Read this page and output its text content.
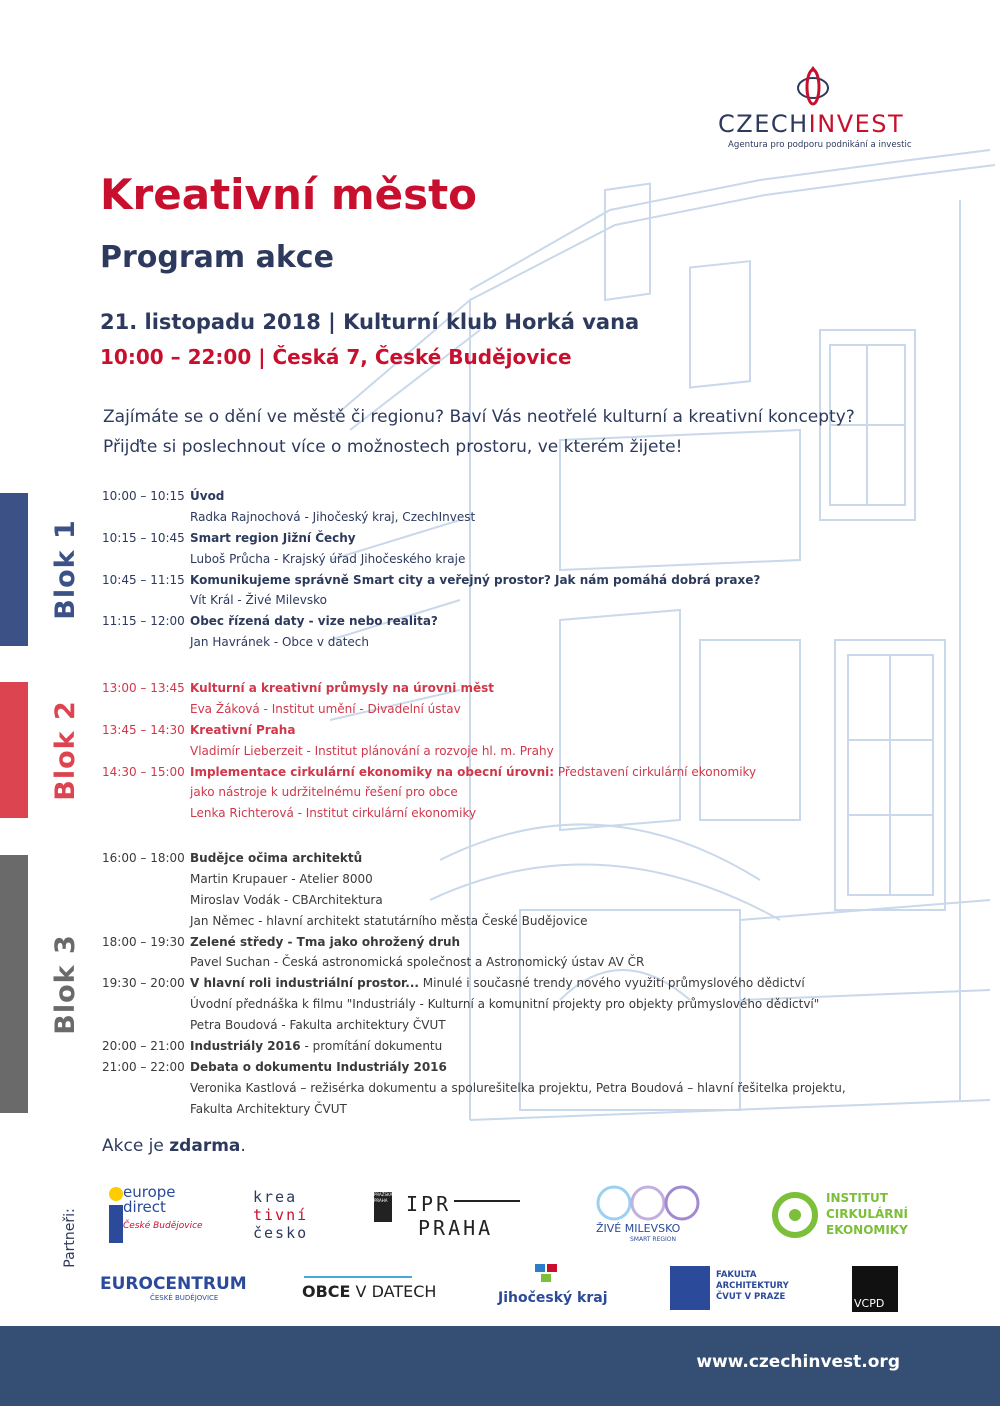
CZECHINVEST
Agentura pro podporu podnikání a investic
Kreativní město
Program akce
21. listopadu 2018 | Kulturní klub Horká vana
10:00 – 22:00 | Česká 7, České Budějovice
Zajímáte se o dění ve městě či regionu? Baví Vás neotřelé kulturní a kreativní koncepty?
Přijďte si poslechnout více o možnostech prostoru, ve kterém žijete!
Blok 1
Blok 2
Blok 3
10:00 – 10:15 Úvod
Radka Rajnochová - Jihočeský kraj, CzechInvest
10:15 – 10:45 Smart region Jižní Čechy
Luboš Průcha - Krajský úřad Jihočeského kraje
10:45 – 11:15 Komunikujeme správně Smart city a veřejný prostor? Jak nám pomáhá dobrá praxe?
Vít Král - Živé Milevsko
11:15 – 12:00 Obec řízená daty - vize nebo realita?
Jan Havránek - Obce v datech
13:00 – 13:45 Kulturní a kreativní průmysly na úrovni měst
Eva Žáková - Institut umění - Divadelní ústav
13:45 – 14:30 Kreativní Praha
Vladimír Lieberzeit - Institut plánování a rozvoje hl. m. Prahy
14:30 – 15:00 Implementace cirkulární ekonomiky na obecní úrovni: Představení cirkulární ekonomiky
jako nástroje k udržitelnému řešení pro obce
Lenka Richterová - Institut cirkulární ekonomiky
16:00 – 18:00 Budějce očima architektů
Martin Krupauer - Atelier 8000
Miroslav Vodák - CBArchitektura
Jan Němec - hlavní architekt statutárního města České Budějovice
18:00 – 19:30 Zelené středy - Tma jako ohrožený druh
Pavel Suchan - Česká astronomická společnost a Astronomický ústav AV ČR
19:30 – 20:00 V hlavní roli industriální prostor... Minulé i současné trendy nového využití průmyslového dědictví
Úvodní přednáška k filmu "Industriály - Kulturní a komunitní projekty pro objekty průmyslového dědictví"
Petra Boudová - Fakulta architektury ČVUT
20:00 – 21:00 Industriály 2016 - promítání dokumentu
21:00 – 22:00 Debata o dokumentu Industriály 2016
Veronika Kastlová – režisérka dokumentu a spolurešitelka projektu, Petra Boudová – hlavní řešitelka projektu,
Fakulta Architektury ČVUT
Akce je zdarma.
Partneři:
europe
direct
České Budějovice
krea
tivní
česko
PRAŽSKÁ
PRAHA IPR
PRAHA	ŽIVÉ MILEVSKO
SMART REGION
INSTITUT
CIRKULÁRNÍ
EKONOMIKY
EUROCENTRUM
ČESKÉ BUDĚJOVICE	OBCE V DATECH	Jihočeský kraj
FAKULTA
ARCHITEKTURY
ČVUT V PRAZE	VCPD
www.czechinvest.org
